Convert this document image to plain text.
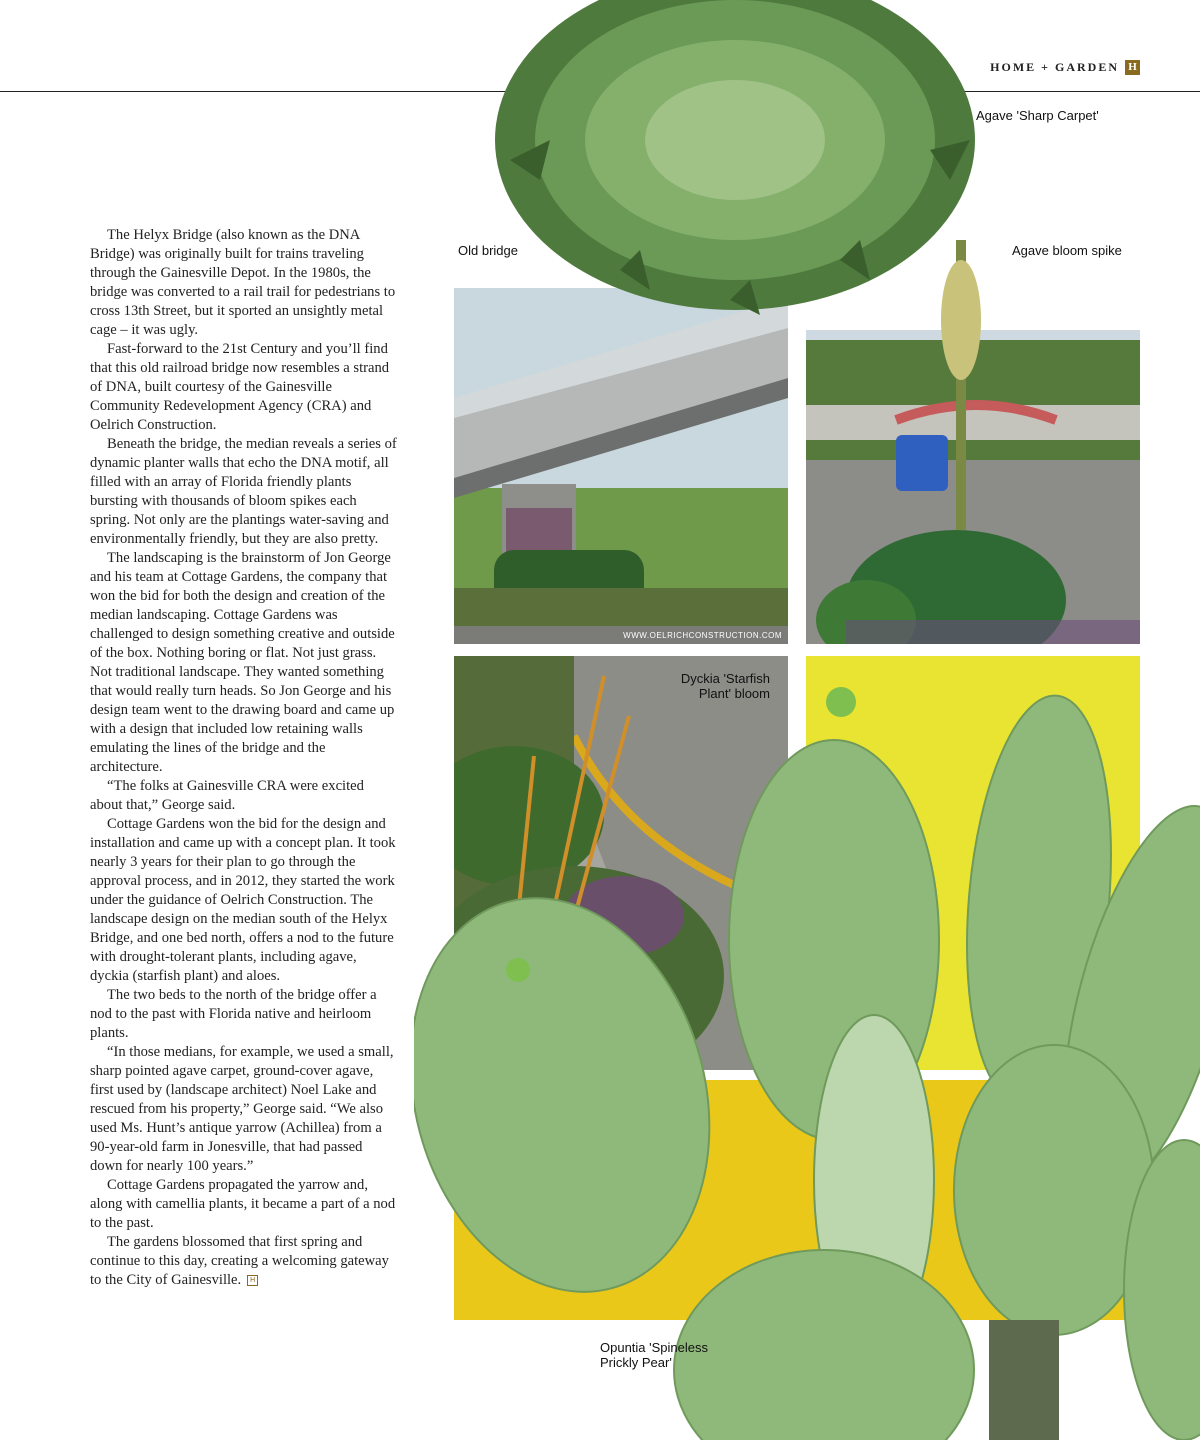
HOME + GARDEN H
WWW.OELRICHCONSTRUCTION.COM
Agave 'Sharp Carpet'
Old bridge	Agave bloom spike
Dyckia 'Starfish
Plant' bloom
Opuntia 'Spineless
Prickly Pear'

The Helyx Bridge (also known as the DNA Bridge) was originally built for trains traveling through the Gainesville Depot. In the 1980s, the bridge was converted to a rail trail for pedestrians to cross 13th Street, but it sported an unsightly metal cage – it was ugly.

Fast-forward to the 21st Century and you’ll find that this old railroad bridge now resembles a strand of DNA, built courtesy of the Gainesville Community Redevelopment Agency (CRA) and Oelrich Construction.

Beneath the bridge, the median reveals a series of dynamic planter walls that echo the DNA motif, all filled with an array of Florida friendly plants bursting with thousands of bloom spikes each spring. Not only are the plantings water-saving and environmentally friendly, but they are also pretty.

The landscaping is the brainstorm of Jon George and his team at Cottage Gardens, the company that won the bid for both the design and creation of the median landscaping. Cottage Gardens was challenged to design something creative and outside of the box. Nothing boring or flat. Not just grass. Not traditional landscape. They wanted something that would really turn heads. So Jon George and his design team went to the drawing board and came up with a design that included low retaining walls emulating the lines of the bridge and the architecture.

“The folks at Gainesville CRA were excited about that,” George said.

Cottage Gardens won the bid for the design and installation and came up with a concept plan. It took nearly 3 years for their plan to go through the approval process, and in 2012, they started the work under the guidance of Oelrich Construction. The landscape design on the median south of the Helyx Bridge, and one bed north, offers a nod to the future with drought-tolerant plants, including agave, dyckia (starfish plant) and aloes.

The two beds to the north of the bridge offer a nod to the past with Florida native and heirloom plants.

“In those medians, for example, we used a small, sharp pointed agave carpet, ground-cover agave, first used by (landscape architect) Noel Lake and rescued from his property,” George said. “We also used Ms. Hunt’s antique yarrow (Achillea) from a 90-year-old farm in Jonesville, that had passed down for nearly 100 years.”

Cottage Gardens propagated the yarrow and, along with camellia plants, it became a part of a nod to the past.

The gardens blossomed that first spring and continue to this day, creating a welcoming gateway to the City of Gainesville. H
